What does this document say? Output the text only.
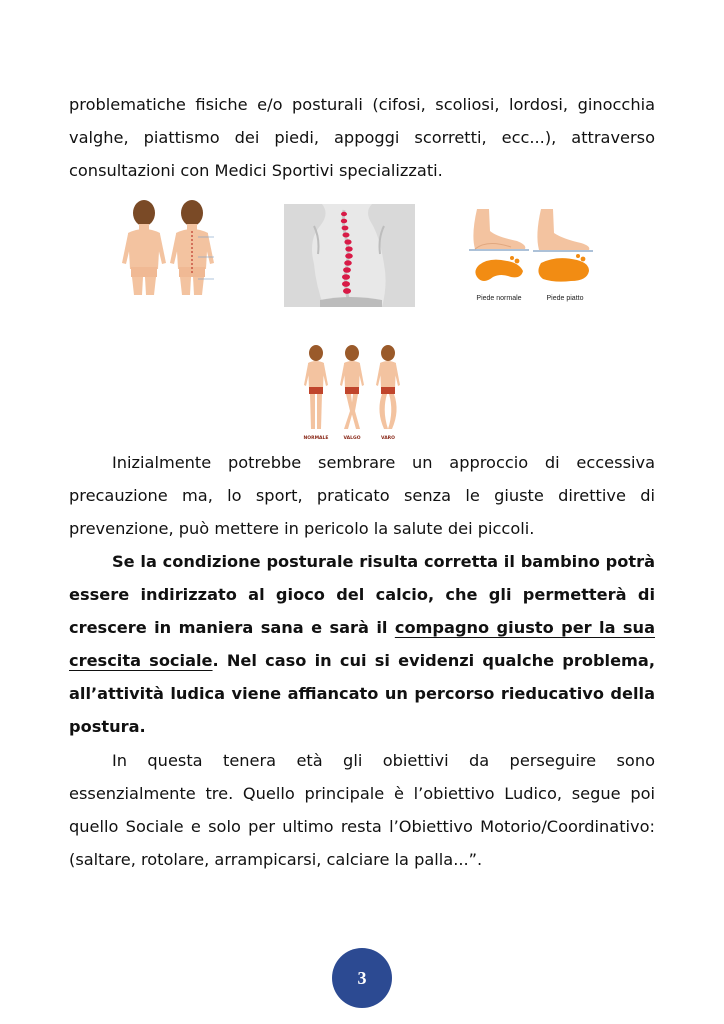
problematiche fisiche e/o posturali (cifosi, scoliosi, lordosi, ginocchia valghe, piattismo dei piedi, appoggi scorretti, ecc...), attraverso consultazioni con Medici Sportivi specializzati.

Piede normale	Piede piatto
NORMALE	VALGO	VARO

Inizialmente potrebbe sembrare un approccio di eccessiva precauzione ma, lo sport, praticato senza le giuste direttive di prevenzione, può mettere in pericolo la salute dei piccoli.

Se la condizione posturale risulta corretta il bambino potrà essere indirizzato al gioco del calcio, che gli permetterà di crescere in maniera sana e sarà il compagno giusto per la sua crescita sociale. Nel caso in cui si evidenzi qualche problema, all’attività ludica viene affiancato un percorso rieducativo della postura.

In questa tenera età gli obiettivi da perseguire sono essenzialmente tre. Quello principale è l’obiettivo Ludico, segue poi quello Sociale e solo per ultimo resta l’Obiettivo Motorio/Coordinativo: (saltare, rotolare, arrampicarsi, calciare la palla...”.

3
